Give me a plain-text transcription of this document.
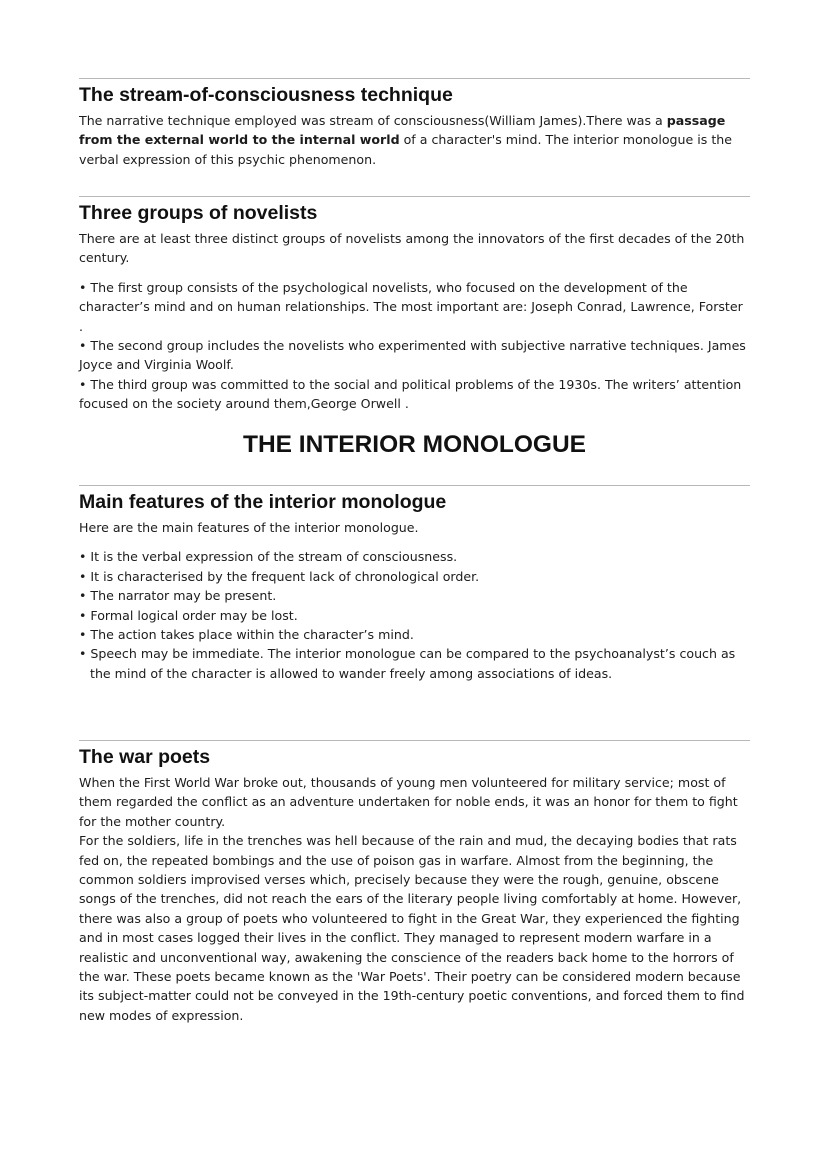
The stream-of-consciousness technique

The narrative technique employed was stream of consciousness(William James).There was a passage from the external world to the internal world of a character's mind. The interior monologue is the verbal expression of this psychic phenomenon.

Three groups of novelists

There are at least three distinct groups of novelists among the innovators of the first decades of the 20th century.

• The first group consists of the psychological novelists, who focused on the development of the character’s mind and on human relationships. The most important are: Joseph Conrad, Lawrence, Forster .

• The second group includes the novelists who experimented with subjective narrative techniques. James Joyce and Virginia Woolf.

• The third group was committed to the social and political problems of the 1930s. The writers’ attention focused on the society around them,George Orwell .

THE INTERIOR MONOLOGUE
Main features of the interior monologue

Here are the main features of the interior monologue.

• It is the verbal expression of the stream of consciousness.

• It is characterised by the frequent lack of chronological order.

• The narrator may be present.

• Formal logical order may be lost.

• The action takes place within the character’s mind.

• Speech may be immediate. The interior monologue can be compared to the psychoanalyst’s couch as the mind of the character is allowed to wander freely among associations of ideas.

The war poets

When the First World War broke out, thousands of young men volunteered for military service; most of them regarded the conflict as an adventure undertaken for noble ends, it was an honor for them to fight for the mother country.

For the soldiers, life in the trenches was hell because of the rain and mud, the decaying bodies that rats fed on, the repeated bombings and the use of poison gas in warfare. Almost from the beginning, the common soldiers improvised verses which, precisely because they were the rough, genuine, obscene songs of the trenches, did not reach the ears of the literary people living comfortably at home. However, there was also a group of poets who volunteered to fight in the Great War, they experienced the fighting and in most cases logged their lives in the conflict. They managed to represent modern warfare in a realistic and unconventional way, awakening the conscience of the readers back home to the horrors of the war. These poets became known as the 'War Poets'. Their poetry can be considered modern because its subject-matter could not be conveyed in the 19th-century poetic conventions, and forced them to find new modes of expression.
